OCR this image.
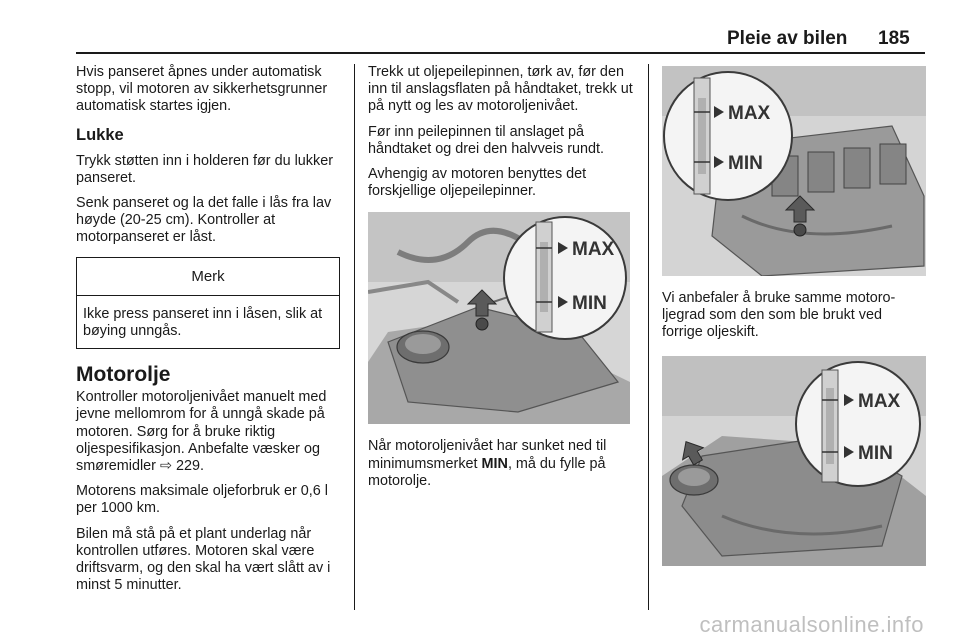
Pleie av bilen	185

Hvis panseret åpnes under automatisk stopp, vil motoren av sikkerhetsgrunner automatisk startes igjen.

Lukke

Trykk støtten inn i holderen før du lukker panseret.

Senk panseret og la det falle i lås fra lav høyde (20-25 cm). Kontroller at motorpanseret er låst.

Merk
Ikke press panseret inn i låsen, slik at bøying unngås.
Motorolje

Kontroller motoroljenivået manuelt med jevne mellomrom for å unngå skade på motoren. Sørg for å bruke riktig oljespesifikasjon. Anbefalte væsker og smøremidler ⇨ 229.

Motorens maksimale oljeforbruk er 0,6 l per 1000 km.

Bilen må stå på et plant underlag når kontrollen utføres. Motoren skal være driftsvarm, og den skal ha vært slått av i minst 5 minutter.

Trekk ut oljepeilepinnen, tørk av, før den inn til anslagsflaten på håndtaket, trekk ut på nytt og les av motoroljenivået.

Før inn peilepinnen til anslaget på håndtaket og drei den halvveis rundt.

Avhengig av motoren benyttes det forskjellige oljepeilepinner.

MAX
MIN

Når motoroljenivået har sunket ned til minimumsmerket MIN, må du fylle på motorolje.

MAX
MIN

Vi anbefaler å bruke samme motoroljegrad som den som ble brukt ved forrige oljeskift.

MAX
MIN
carmanualsonline.info
